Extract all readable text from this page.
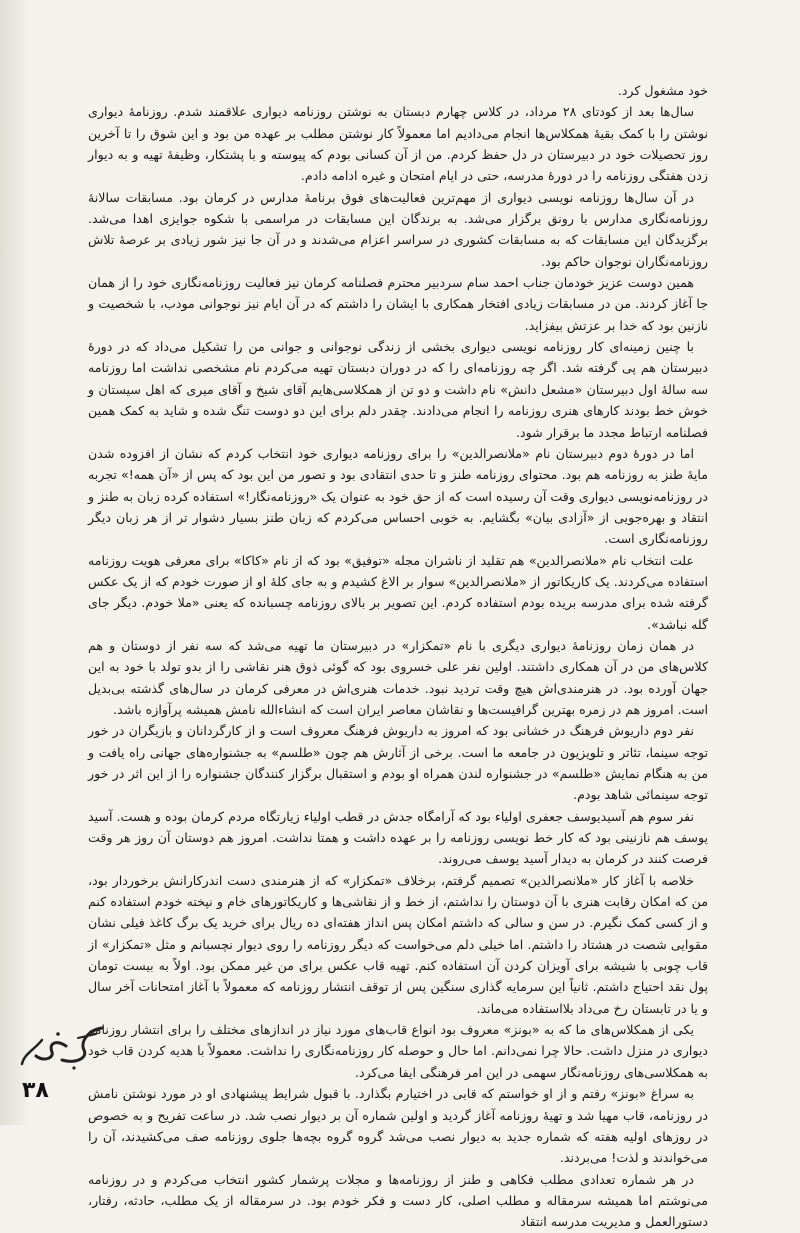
خود مشغول کرد.

سال‌ها بعد از کودتای ۲۸ مرداد، در کلاس چهارم دبستان به نوشتن روزنامه دیواری علاقمند شدم. روزنامهٔ دیواری نوشتن را با کمک بقیهٔ همکلاس‌ها انجام می‌دادیم اما معمولاً کار نوشتن مطلب بر عهده من بود و این شوق را تا آخرین روز تحصیلات خود در دبیرستان در دل حفظ کردم. من از آن کسانی بودم که پیوسته و با پشتکار، وظیفهٔ تهیه و به دیوار زدن هفتگی روزنامه را در دورهٔ مدرسه، حتی در ایام امتحان و غیره ادامه دادم.

در آن سال‌ها روزنامه نویسی دیواری از مهم‌ترین فعالیت‌های فوق برنامهٔ مدارس در کرمان بود. مسابقات سالانهٔ روزنامه‌نگاری مدارس با رونق برگزار می‌شد. به برندگان این مسابقات در مراسمی با شکوه جوایزی اهدا می‌شد. برگزیدگان این مسابقات که به مسابقات کشوری در سراسر اعزام می‌شدند و در آن جا نیز شور زیادی بر عرصهٔ تلاش روزنامه‌نگاران نوجوان حاکم بود.

همین دوست عزیز خودمان جناب احمد سام سردبیر محترم فصلنامه کرمان نیز فعالیت روزنامه‌نگاری خود را از همان جا آغاز کردند. من در مسابقات زیادی افتخار همکاری با ایشان را داشتم که در آن ایام نیز نوجوانی مودب، با شخصیت و نازنین بود که خدا بر عزتش بیفزاید.

با چنین زمینه‌ای کار روزنامه نویسی دیواری بخشی از زندگی نوجوانی و جوانی من را تشکیل می‌داد که در دورهٔ دبیرستان هم پی گرفته شد. اگر چه روزنامه‌ای را که در دوران دبستان تهیه می‌کردم نام مشخصی نداشت اما روزنامه سه سالهٔ اول دبیرستان «مشعل دانش» نام داشت و دو تن از همکلاسی‌هایم آقای شیخ و آقای میری که اهل سیستان و خوش خط بودند کارهای هنری روزنامه را انجام می‌دادند. چقدر دلم برای این دو دوست تنگ شده و شاید به کمک همین فصلنامه ارتباط مجدد ما برقرار شود.

اما در دورهٔ دوم دبیرستان نام «ملانصرالدین» را برای روزنامه دیواری خود انتخاب کردم که نشان از افزوده شدن مایهٔ طنز به روزنامه هم بود. محتوای روزنامه طنز و تا حدی انتقادی بود و تصور من این بود که پس از «آن همه!» تجربه در روزنامه‌نویسی دیواری وقت آن رسیده است که از حق خود به عنوان یک «روزنامه‌نگار!» استفاده کرده زبان به طنز و انتقاد و بهره‌جویی از «آزادی بیان» بگشایم. به خوبی احساس می‌کردم که زبان طنز بسیار دشوار تر از هر زبان دیگر روزنامه‌نگاری است.

علت انتخاب نام «ملانصرالدین» هم تقلید از ناشران مجله «توفیق» بود که از نام «کاکا» برای معرفی هویت روزنامه استفاده می‌کردند. یک کاریکاتور از «ملانصرالدین» سوار بر الاغ کشیدم و به جای کلهٔ او از صورت خودم که از یک عکس گرفته شده برای مدرسه بریده بودم استفاده کردم. این تصویر بر بالای روزنامه چسبانده که یعنی «ملا خودم. دیگر جای گله نباشد».

در همان زمان روزنامهٔ دیواری دیگری با نام «تمکزار» در دبیرستان ما تهیه می‌شد که سه نفر از دوستان و هم کلاس‌های من در آن همکاری داشتند. اولین نفر علی خسروی بود که گوئی ذوق هنر نقاشی را از بدو تولد با خود به این جهان آورده بود. در هنرمندی‌اش هیچ وقت تردید نبود. خدمات هنری‌اش در معرفی کرمان در سال‌های گذشته بی‌بدیل است. امروز هم در زمره بهترین گرافیست‌ها و نقاشان معاصر ایران است که انشاءالله نامش همیشه پرآوازه باشد.

نفر دوم داریوش فرهنگ در خشانی بود که امروز به داریوش فرهنگ معروف است و از کارگردانان و بازیگران در خور توجه سینما، تئاتر و تلویزیون در جامعه ما است. برخی از آثارش هم چون «طلسم» به جشنواره‌های جهانی راه یافت و من به هنگام نمایش «طلسم» در جشنواره لندن همراه او بودم و استقبال برگزار کنندگان جشنواره را از این اثر در خور توجه سینمائی شاهد بودم.

نفر سوم هم آسیدیوسف جعفری اولیاء بود که آرامگاه جدش در قطب اولیاء زیارتگاه مردم کرمان بوده و هست. آسید یوسف هم نازنینی بود که کار خط نویسی روزنامه را بر عهده داشت و همتا نداشت. امروز هم دوستان آن روز هر وقت فرصت کنند در کرمان به دیدار آسید یوسف می‌روند.

خلاصه با آغاز کار «ملانصرالدین» تصمیم گرفتم، برخلاف «تمکزار» که از هنرمندی دست اندرکارانش برخوردار بود، من که امکان رقابت هنری با آن دوستان را نداشتم، از خط و از نقاشی‌ها و کاریکاتورهای خام و نپخته خودم استفاده کنم و از کسی کمک نگیرم. در سن و سالی که داشتم امکان پس انداز هفته‌ای ده ریال برای خرید یک برگ کاغذ فیلی نشان مقوایی شصت در هشتاد را داشتم. اما خیلی دلم می‌خواست که دیگر روزنامه را روی دیوار نچسبانم و مثل «تمکزار» از قاب چوبی با شیشه برای آویزان کردن آن استفاده کنم. تهیه قاب عکس برای من غیر ممکن بود. اولاً به بیست تومان پول نقد احتیاج داشتم. ثانیاً این سرمایه گذاری سنگین پس از توقف انتشار روزنامه که معمولاً با آغاز امتحانات آخر سال و یا در تابستان رخ می‌داد بلااستفاده می‌ماند.

یکی از همکلاس‌های ما که به «بونز» معروف بود انواع قاب‌های مورد نیاز در اندازهای مختلف را برای انتشار روزنامه دیواری در منزل داشت. حالا چرا نمی‌دانم. اما حال و حوصله کار روزنامه‌نگاری را نداشت. معمولاً با هدیه کردن قاب خود به همکلاسی‌های روزنامه‌نگار سهمی در این امر فرهنگی ایفا می‌کرد.

به سراغ «بونز» رفتم و از او خواستم که قابی در اختیارم بگذارد. با قبول شرایط پیشنهادی او در مورد نوشتن نامش در روزنامه، قاب مهیا شد و تهیهٔ روزنامه آغاز گردید و اولین شماره آن بر دیوار نصب شد. در ساعت تفریح و به خصوص در روزهای اولیه هفته که شماره جدید به دیوار نصب می‌شد گروه گروه بچه‌ها جلوی روزنامه صف می‌کشیدند، آن را می‌خواندند و لذت! می‌بردند.

در هر شماره تعدادی مطلب فکاهی و طنز از روزنامه‌ها و مجلات پرشمار کشور انتخاب می‌کردم و در روزنامه می‌نوشتم اما همیشه سرمقاله و مطلب اصلی، کار دست و فکر خودم بود. در سرمقاله از یک مطلب، حادثه، رفتار، دستورالعمل و مدیریت مدرسه انتقاد

۳۸
